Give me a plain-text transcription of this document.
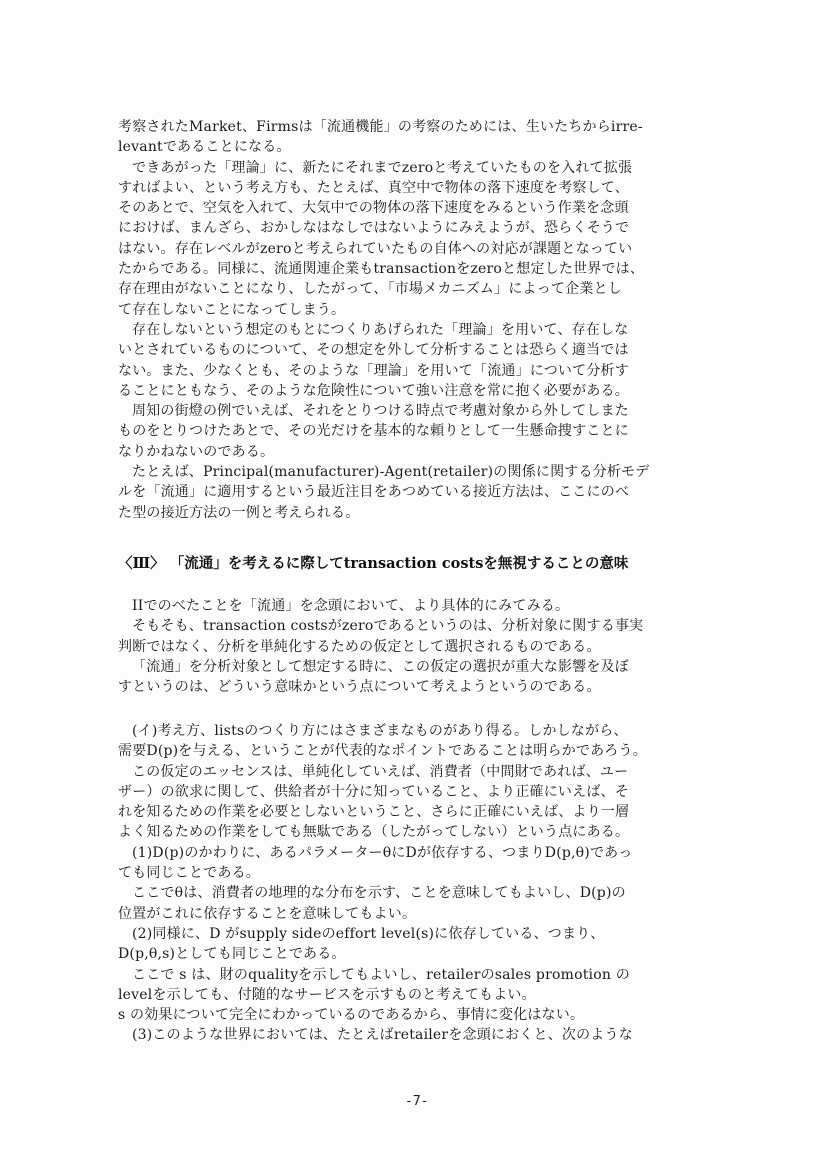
考察されたMarket、Firmsは「流通機能」の考察のためには、生いたちからirre-
levantであることになる。
できあがった「理論」に、新たにそれまでzeroと考えていたものを入れて拡張
すればよい、という考え方も、たとえば、真空中で物体の落下速度を考察して、
そのあとで、空気を入れて、大気中での物体の落下速度をみるという作業を念頭
におけば、まんざら、おかしなはなしではないようにみえようが、恐らくそうで
はない。存在レベルがzeroと考えられていたもの自体への対応が課題となってい
たからである。同様に、流通関連企業もtransactionをzeroと想定した世界では、
存在理由がないことになり、したがって、「市場メカニズム」によって企業とし
て存在しないことになってしまう。
存在しないという想定のもとにつくりあげられた「理論」を用いて、存在しな
いとされているものについて、その想定を外して分析することは恐らく適当では
ない。また、少なくとも、そのような「理論」を用いて「流通」について分析す
ることにともなう、そのような危険性について強い注意を常に抱く必要がある。
周知の街燈の例でいえば、それをとりつける時点で考慮対象から外してしまた
ものをとりつけたあとで、その光だけを基本的な頼りとして一生懸命捜すことに
なりかねないのである。
たとえば、Principal(manufacturer)-Agent(retailer)の関係に関する分析モデ
ルを「流通」に適用するという最近注目をあつめている接近方法は、ここにのべ
た型の接近方法の一例と考えられる。
〈Ⅲ〉 「流通」を考えるに際してtransaction costsを無視することの意味
IIでのべたことを「流通」を念頭において、より具体的にみてみる。
そもそも、transaction costsがzeroであるというのは、分析対象に関する事実
判断ではなく、分析を単純化するための仮定として選択されるものである。
「流通」を分析対象として想定する時に、この仮定の選択が重大な影響を及ぼ
すというのは、どういう意味かという点について考えようというのである。
(イ)考え方、listsのつくり方にはさまざまなものがあり得る。しかしながら、
需要D(p)を与える、ということが代表的なポイントであることは明らかであろう。
この仮定のエッセンスは、単純化していえば、消費者（中間財であれば、ユー
ザー）の欲求に関して、供給者が十分に知っていること、より正確にいえば、そ
れを知るための作業を必要としないということ、さらに正確にいえば、より一層
よく知るための作業をしても無駄である（したがってしない）という点にある。
(1)D(p)のかわりに、あるパラメーターθにDが依存する、つまりD(p,θ)であっ
ても同じことである。
ここでθは、消費者の地理的な分布を示す、ことを意味してもよいし、D(p)の
位置がこれに依存することを意味してもよい。
(2)同様に、D がsupply sideのeffort level(s)に依存している、つまり、
D(p,θ,s)としても同じことである。
ここで s は、財のqualityを示してもよいし、retailerのsales promotion の
levelを示しても、付随的なサービスを示すものと考えてもよい。
s の効果について完全にわかっているのであるから、事情に変化はない。
(3)このような世界においては、たとえばretailerを念頭におくと、次のような
-7-
